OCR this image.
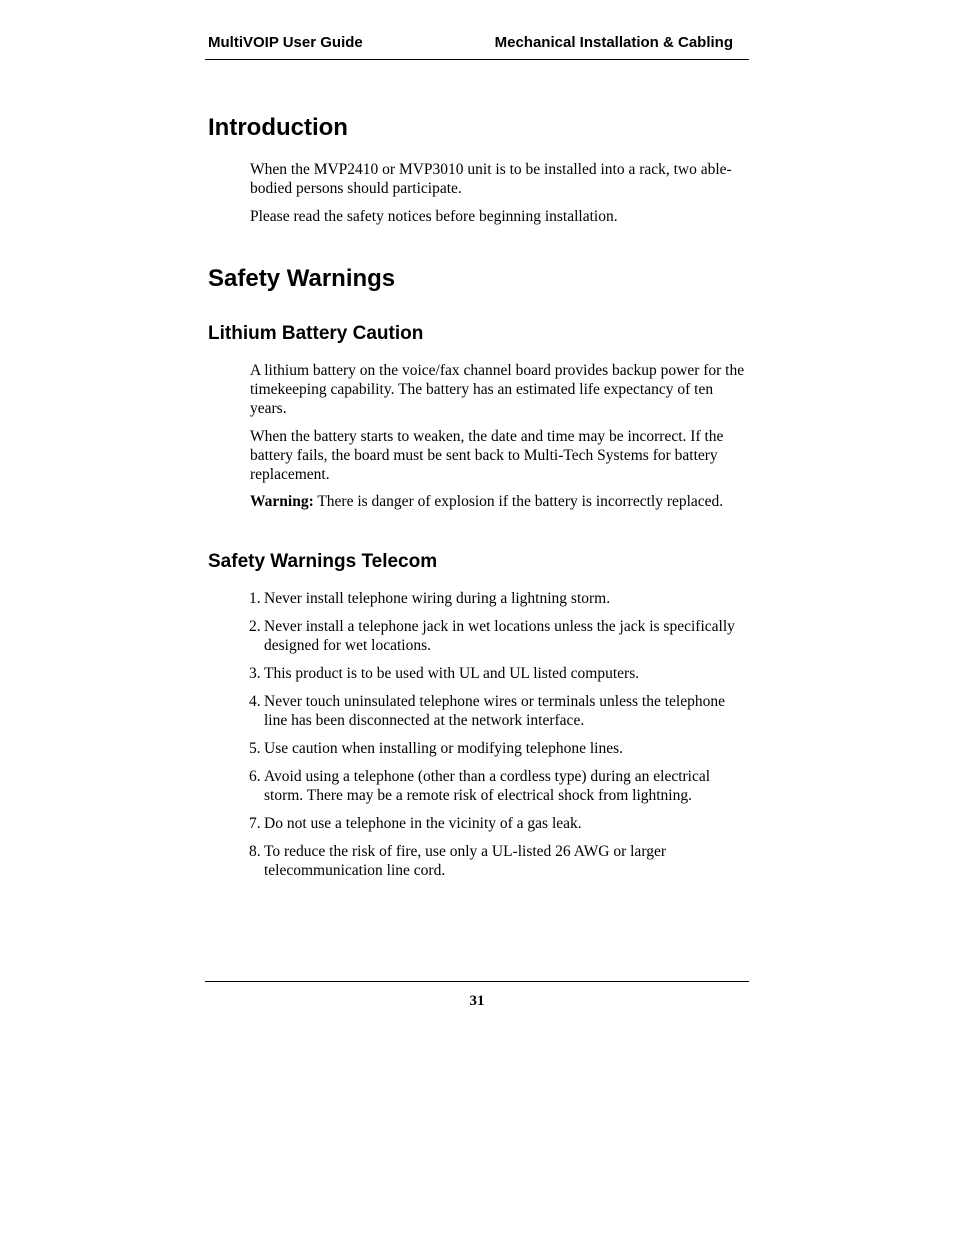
MultiVOIP User Guide	Mechanical Installation & Cabling
Introduction

When the MVP2410 or MVP3010 unit is to be installed into a rack, two able-bodied persons should participate.

Please read the safety notices before beginning installation.

Safety Warnings
Lithium Battery Caution

A lithium battery on the voice/fax channel board provides backup power for the timekeeping capability. The battery has an estimated life expectancy of ten years.

When the battery starts to weaken, the date and time may be incorrect. If the battery fails, the board must be sent back to Multi-Tech Systems for battery replacement.

Warning: There is danger of explosion if the battery is incorrectly replaced.

Safety Warnings Telecom
1. Never install telephone wiring during a lightning storm.
2. Never install a telephone jack in wet locations unless the jack is specifically designed for wet locations.
3. This product is to be used with UL and UL listed computers.
4. Never touch uninsulated telephone wires or terminals unless the telephone line has been disconnected at the network interface.
5. Use caution when installing or modifying telephone lines.
6. Avoid using a telephone (other than a cordless type) during an electrical storm. There may be a remote risk of electrical shock from lightning.
7. Do not use a telephone in the vicinity of a gas leak.
8. To reduce the risk of fire, use only a UL-listed 26 AWG or larger telecommunication line cord.
31
